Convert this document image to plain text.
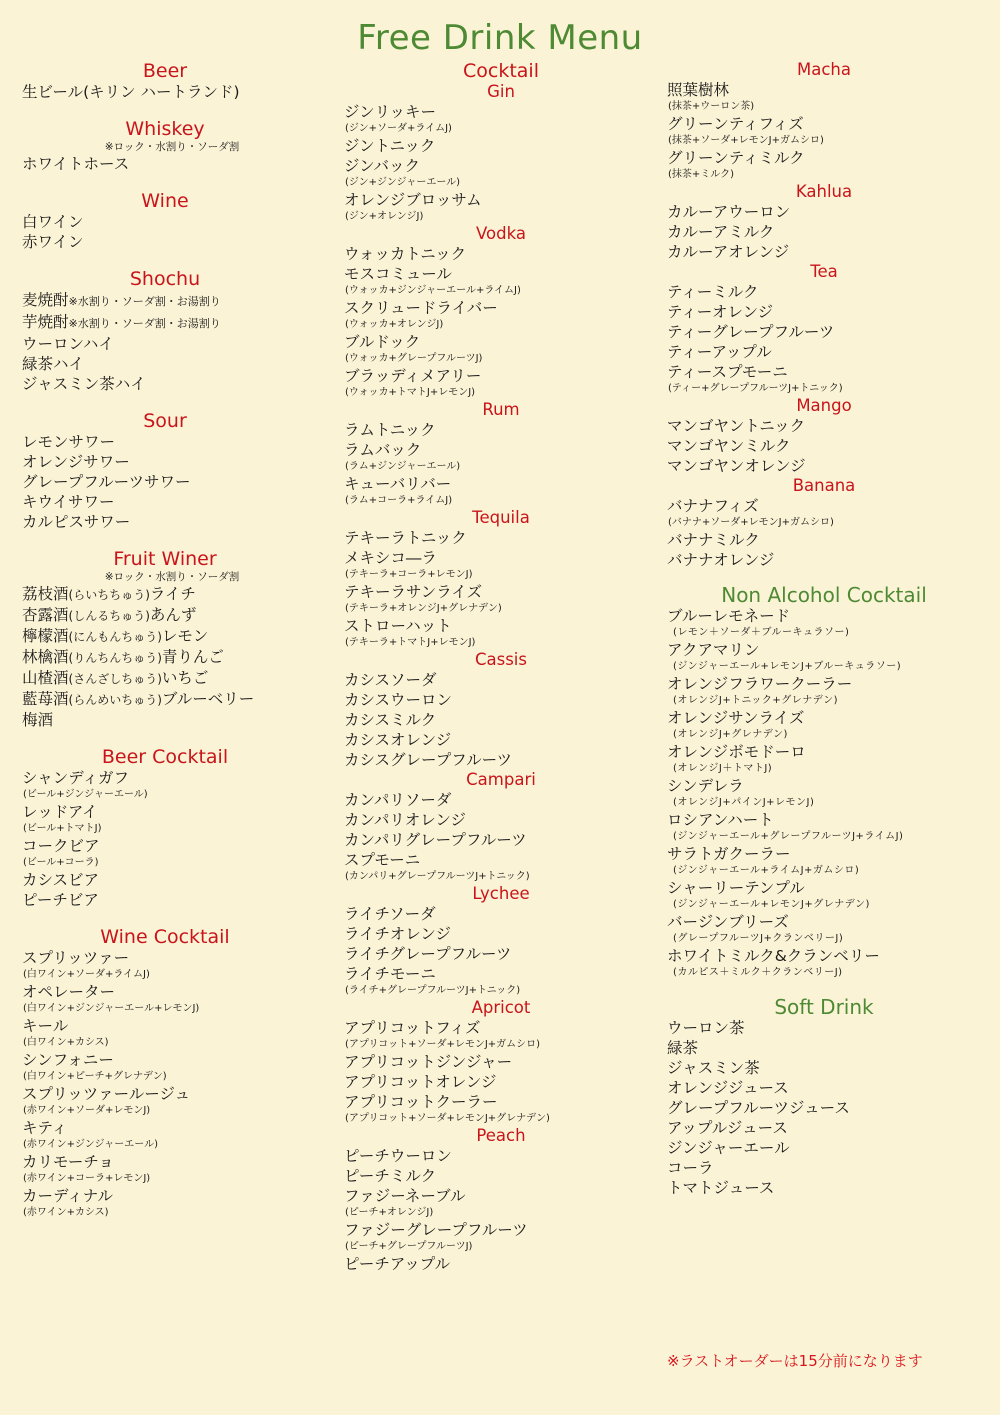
Free Drink Menu
Beer
生ビール(キリン ハートランド)
Whiskey
※ロック・水割り・ソーダ割
ホワイトホース
Wine
白ワイン
赤ワイン
Shochu
麦焼酎※水割り・ソーダ割・お湯割り
芋焼酎※水割り・ソーダ割・お湯割り
ウーロンハイ
緑茶ハイ
ジャスミン茶ハイ
Sour
レモンサワー
オレンジサワー
グレープフルーツサワー
キウイサワー
カルピスサワー
Fruit Winer
※ロック・水割り・ソーダ割
荔枝酒(らいちちゅう)ライチ
杏露酒(しんるちゅう)あんず
檸檬酒(にんもんちゅう)レモン
林檎酒(りんちんちゅう)青りんご
山楂酒(さんざしちゅう)いちご
藍苺酒(らんめいちゅう)ブルーベリー
梅酒
Beer Cocktail
シャンディガフ
(ビール+ジンジャーエール)
レッドアイ
(ビール+トマトJ)
コークビア
(ビール+コーラ)
カシスビア
ピーチビア
Wine Cocktail
スプリッツァー
(白ワイン+ソーダ+ライムJ)
オペレーター
(白ワイン+ジンジャーエール+レモンJ)
キール
(白ワイン+カシス)
シンフォニー
(白ワイン+ピーチ+グレナデン)
スプリッツァールージュ
(赤ワイン+ソーダ+レモンJ)
キティ
(赤ワイン+ジンジャーエール)
カリモーチョ
(赤ワイン+コーラ+レモンJ)
カーディナル
(赤ワイン+カシス)
Cocktail
Gin
ジンリッキー
(ジン+ソーダ+ライムJ)
ジントニック
ジンバック
(ジン+ジンジャーエール)
オレンジブロッサム
(ジン+オレンジJ)
Vodka
ウォッカトニック
モスコミュール
(ウォッカ+ジンジャーエール+ライムJ)
スクリュードライバー
(ウォッカ+オレンジJ)
ブルドック
(ウォッカ+グレープフルーツJ)
ブラッディメアリー
(ウォッカ+トマトJ+レモンJ)
Rum
ラムトニック
ラムバック
(ラム+ジンジャーエール)
キューバリバー
(ラム+コーラ+ライムJ)
Tequila
テキーラトニック
メキシコ―ラ
(テキーラ+コーラ+レモンJ)
テキーラサンライズ
(テキーラ+オレンジJ+グレナデン)
ストローハット
(テキーラ+トマトJ+レモンJ)
Cassis
カシスソーダ
カシスウーロン
カシスミルク
カシスオレンジ
カシスグレープフルーツ
Campari
カンパリソーダ
カンパリオレンジ
カンパリグレープフルーツ
スプモーニ
(カンパリ+グレープフルーツJ+トニック)
Lychee
ライチソーダ
ライチオレンジ
ライチグレープフルーツ
ライチモーニ
(ライチ+グレープフルーツJ+トニック)
Apricot
アプリコットフィズ
(アプリコット+ソーダ+レモンJ+ガムシロ)
アプリコットジンジャー
アプリコットオレンジ
アプリコットクーラー
(アプリコット+ソーダ+レモンJ+グレナデン)
Peach
ピーチウーロン
ピーチミルク
ファジーネーブル
(ピーチ+オレンジJ)
ファジーグレープフルーツ
(ピーチ+グレープフルーツJ)
ピーチアップル
Macha
照葉樹林
(抹茶+ウーロン茶)
グリーンティフィズ
(抹茶+ソーダ+レモンJ+ガムシロ)
グリーンティミルク
(抹茶+ミルク)
Kahlua
カルーアウーロン
カルーアミルク
カルーアオレンジ
Tea
ティーミルク
ティーオレンジ
ティーグレープフルーツ
ティーアップル
ティースプモーニ
(ティー+グレープフルーツJ+トニック)
Mango
マンゴヤントニック
マンゴヤンミルク
マンゴヤンオレンジ
Banana
バナナフィズ
(バナナ+ソーダ+レモンJ+ガムシロ)
バナナミルク
バナナオレンジ
Non Alcohol Cocktail
ブルーレモネード
(レモン＋ソーダ＋ブルーキュラソー)
アクアマリン
(ジンジャーエール+レモンJ+ブルーキュラソー)
オレンジフラワークーラー
(オレンジJ+トニック+グレナデン)
オレンジサンライズ
(オレンジJ+グレナデン)
オレンジボモドーロ
(オレンジJ＋トマトJ)
シンデレラ
(オレンジJ+パインJ+レモンJ)
ロシアンハート
(ジンジャーエール+グレープフルーツJ+ライムJ)
サラトガクーラー
(ジンジャーエール+ライムJ+ガムシロ)
シャーリーテンプル
(ジンジャーエール+レモンJ+グレナデン)
バージンブリーズ
(グレープフルーツJ+クランベリーJ)
ホワイトミルク&クランベリー
(カルピス＋ミルク＋クランベリーJ)
Soft Drink
ウーロン茶
緑茶
ジャスミン茶
オレンジジュース
グレープフルーツジュース
アップルジュース
ジンジャーエール
コーラ
トマトジュース
※ラストオーダーは15分前になります
